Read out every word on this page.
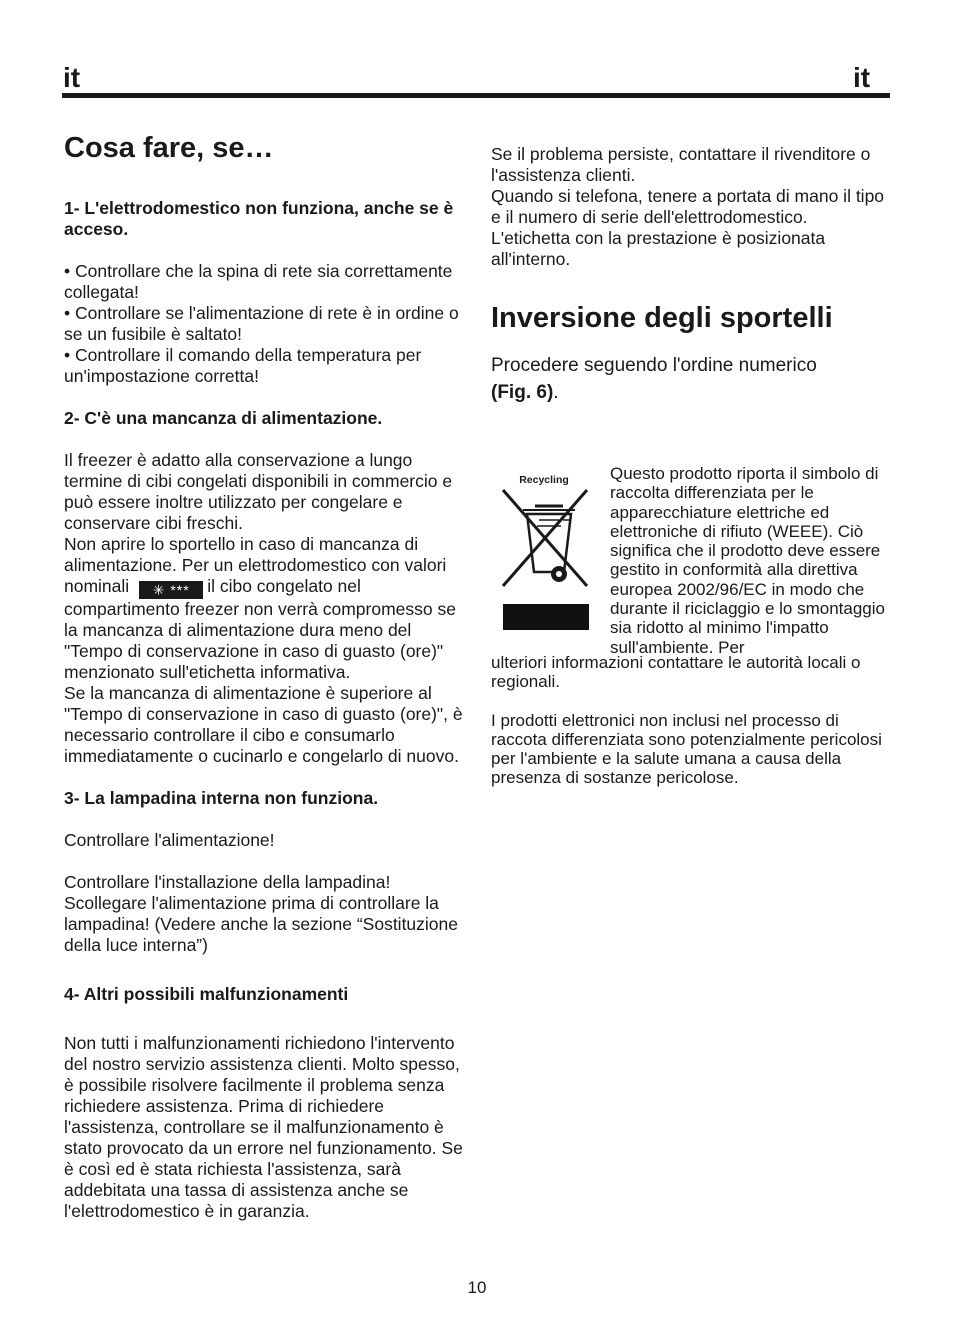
it	it
Cosa fare, se…
1- L'elettrodomestico non funziona, anche se è acceso.

• Controllare che la spina di rete sia correttamente collegata!

• Controllare se l'alimentazione di rete è in ordine o se un fusibile è saltato!

• Controllare il comando della temperatura per un'impostazione corretta!

2- C'è una mancanza di alimentazione.

Il freezer è adatto alla conservazione a lungo termine di cibi congelati disponibili in commercio e può essere inoltre utilizzato per congelare e conservare cibi freschi.

Non aprire lo sportello in caso di mancanza di alimentazione. Per un elettrodomestico con valori nominali ✳ *** il cibo congelato nel compartimento freezer non verrà compromesso se la mancanza di alimentazione dura meno del "Tempo di conservazione in caso di guasto (ore)" menzionato sull'etichetta informativa.

Se la mancanza di alimentazione è superiore al "Tempo di conservazione in caso di guasto (ore)", è necessario controllare il cibo e consumarlo immediatamente o cucinarlo e congelarlo di nuovo.

3- La lampadina interna non funziona.

Controllare l'alimentazione!

Controllare l'installazione della lampadina! Scollegare l'alimentazione prima di controllare la lampadina! (Vedere anche la sezione “Sostituzione della luce interna”)

4- Altri possibili malfunzionamenti

Non tutti i malfunzionamenti richiedono l'intervento del nostro servizio assistenza clienti. Molto spesso, è possibile risolvere facilmente il problema senza richiedere assistenza. Prima di richiedere l'assistenza, controllare se il malfunzionamento è stato provocato da un errore nel funzionamento. Se è così ed è stata richiesta l'assistenza, sarà addebitata una tassa di assistenza anche se l'elettrodomestico è in garanzia.

Se il problema persiste, contattare il rivenditore o l'assistenza clienti.

Quando si telefona, tenere a portata di mano il tipo e il numero di serie dell'elettrodomestico. L'etichetta con la prestazione è posizionata all'interno.

Inversione degli sportelli

Procedere seguendo l'ordine numerico
(Fig. 6).

Recycling	Questo prodotto riporta il simbolo di raccolta differenziata per le apparecchiature elettriche ed elettroniche di rifiuto (WEEE). Ciò significa che il prodotto deve essere gestito in conformità alla direttiva europea 2002/96/EC in modo che durante il riciclaggio e lo smontaggio sia ridotto al minimo l'impatto sull'ambiente. Per

ulteriori informazioni contattare le autorità locali o regionali.

I prodotti elettronici non inclusi nel processo di raccota differenziata sono potenzialmente pericolosi per l'ambiente e la salute umana a causa della presenza di sostanze pericolose.

10
